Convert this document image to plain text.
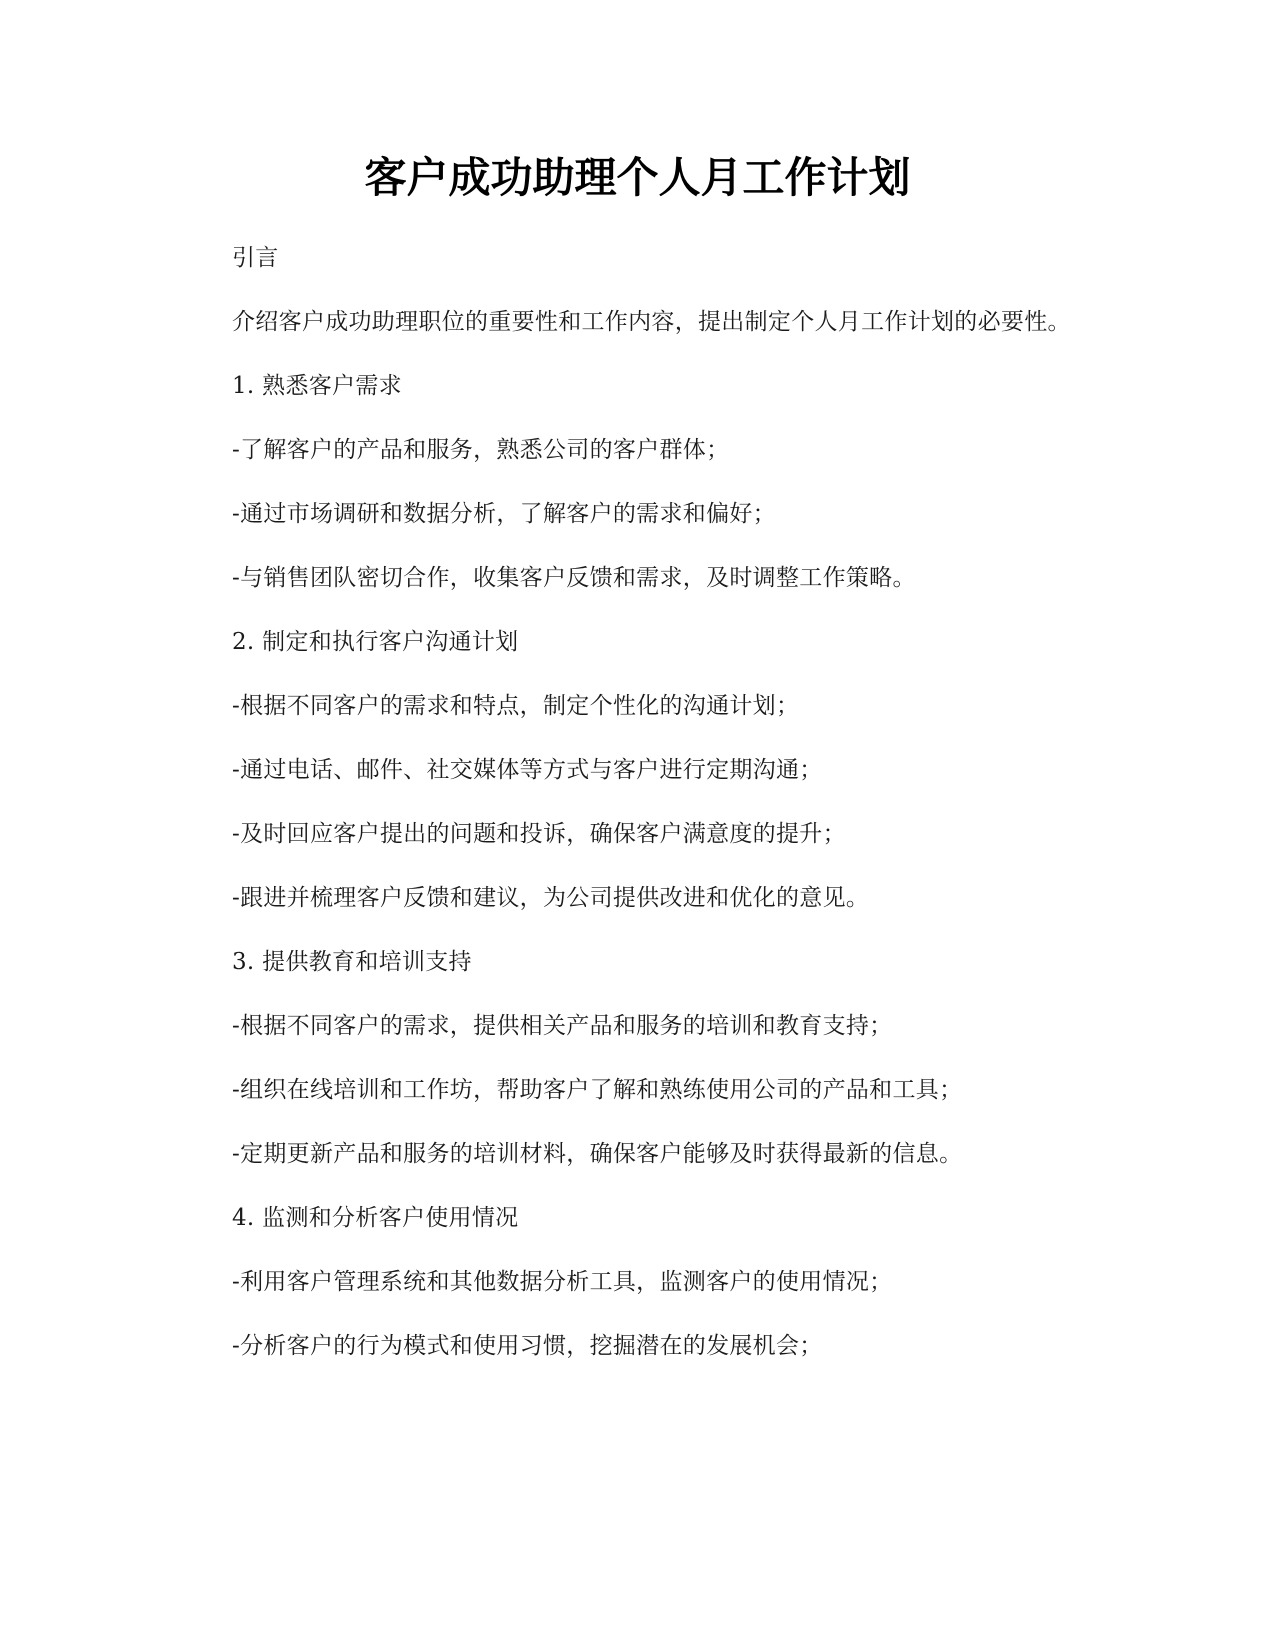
客户成功助理个人月工作计划

引言

介绍客户成功助理职位的重要性和工作内容，提出制定个人月工作计划的必要性。

1. 熟悉客户需求

-了解客户的产品和服务，熟悉公司的客户群体；

-通过市场调研和数据分析，了解客户的需求和偏好；

-与销售团队密切合作，收集客户反馈和需求，及时调整工作策略。

2. 制定和执行客户沟通计划

-根据不同客户的需求和特点，制定个性化的沟通计划；

-通过电话、邮件、社交媒体等方式与客户进行定期沟通；

-及时回应客户提出的问题和投诉，确保客户满意度的提升；

-跟进并梳理客户反馈和建议，为公司提供改进和优化的意见。

3. 提供教育和培训支持

-根据不同客户的需求，提供相关产品和服务的培训和教育支持；

-组织在线培训和工作坊，帮助客户了解和熟练使用公司的产品和工具；

-定期更新产品和服务的培训材料，确保客户能够及时获得最新的信息。

4. 监测和分析客户使用情况

-利用客户管理系统和其他数据分析工具，监测客户的使用情况；

-分析客户的行为模式和使用习惯，挖掘潜在的发展机会；
